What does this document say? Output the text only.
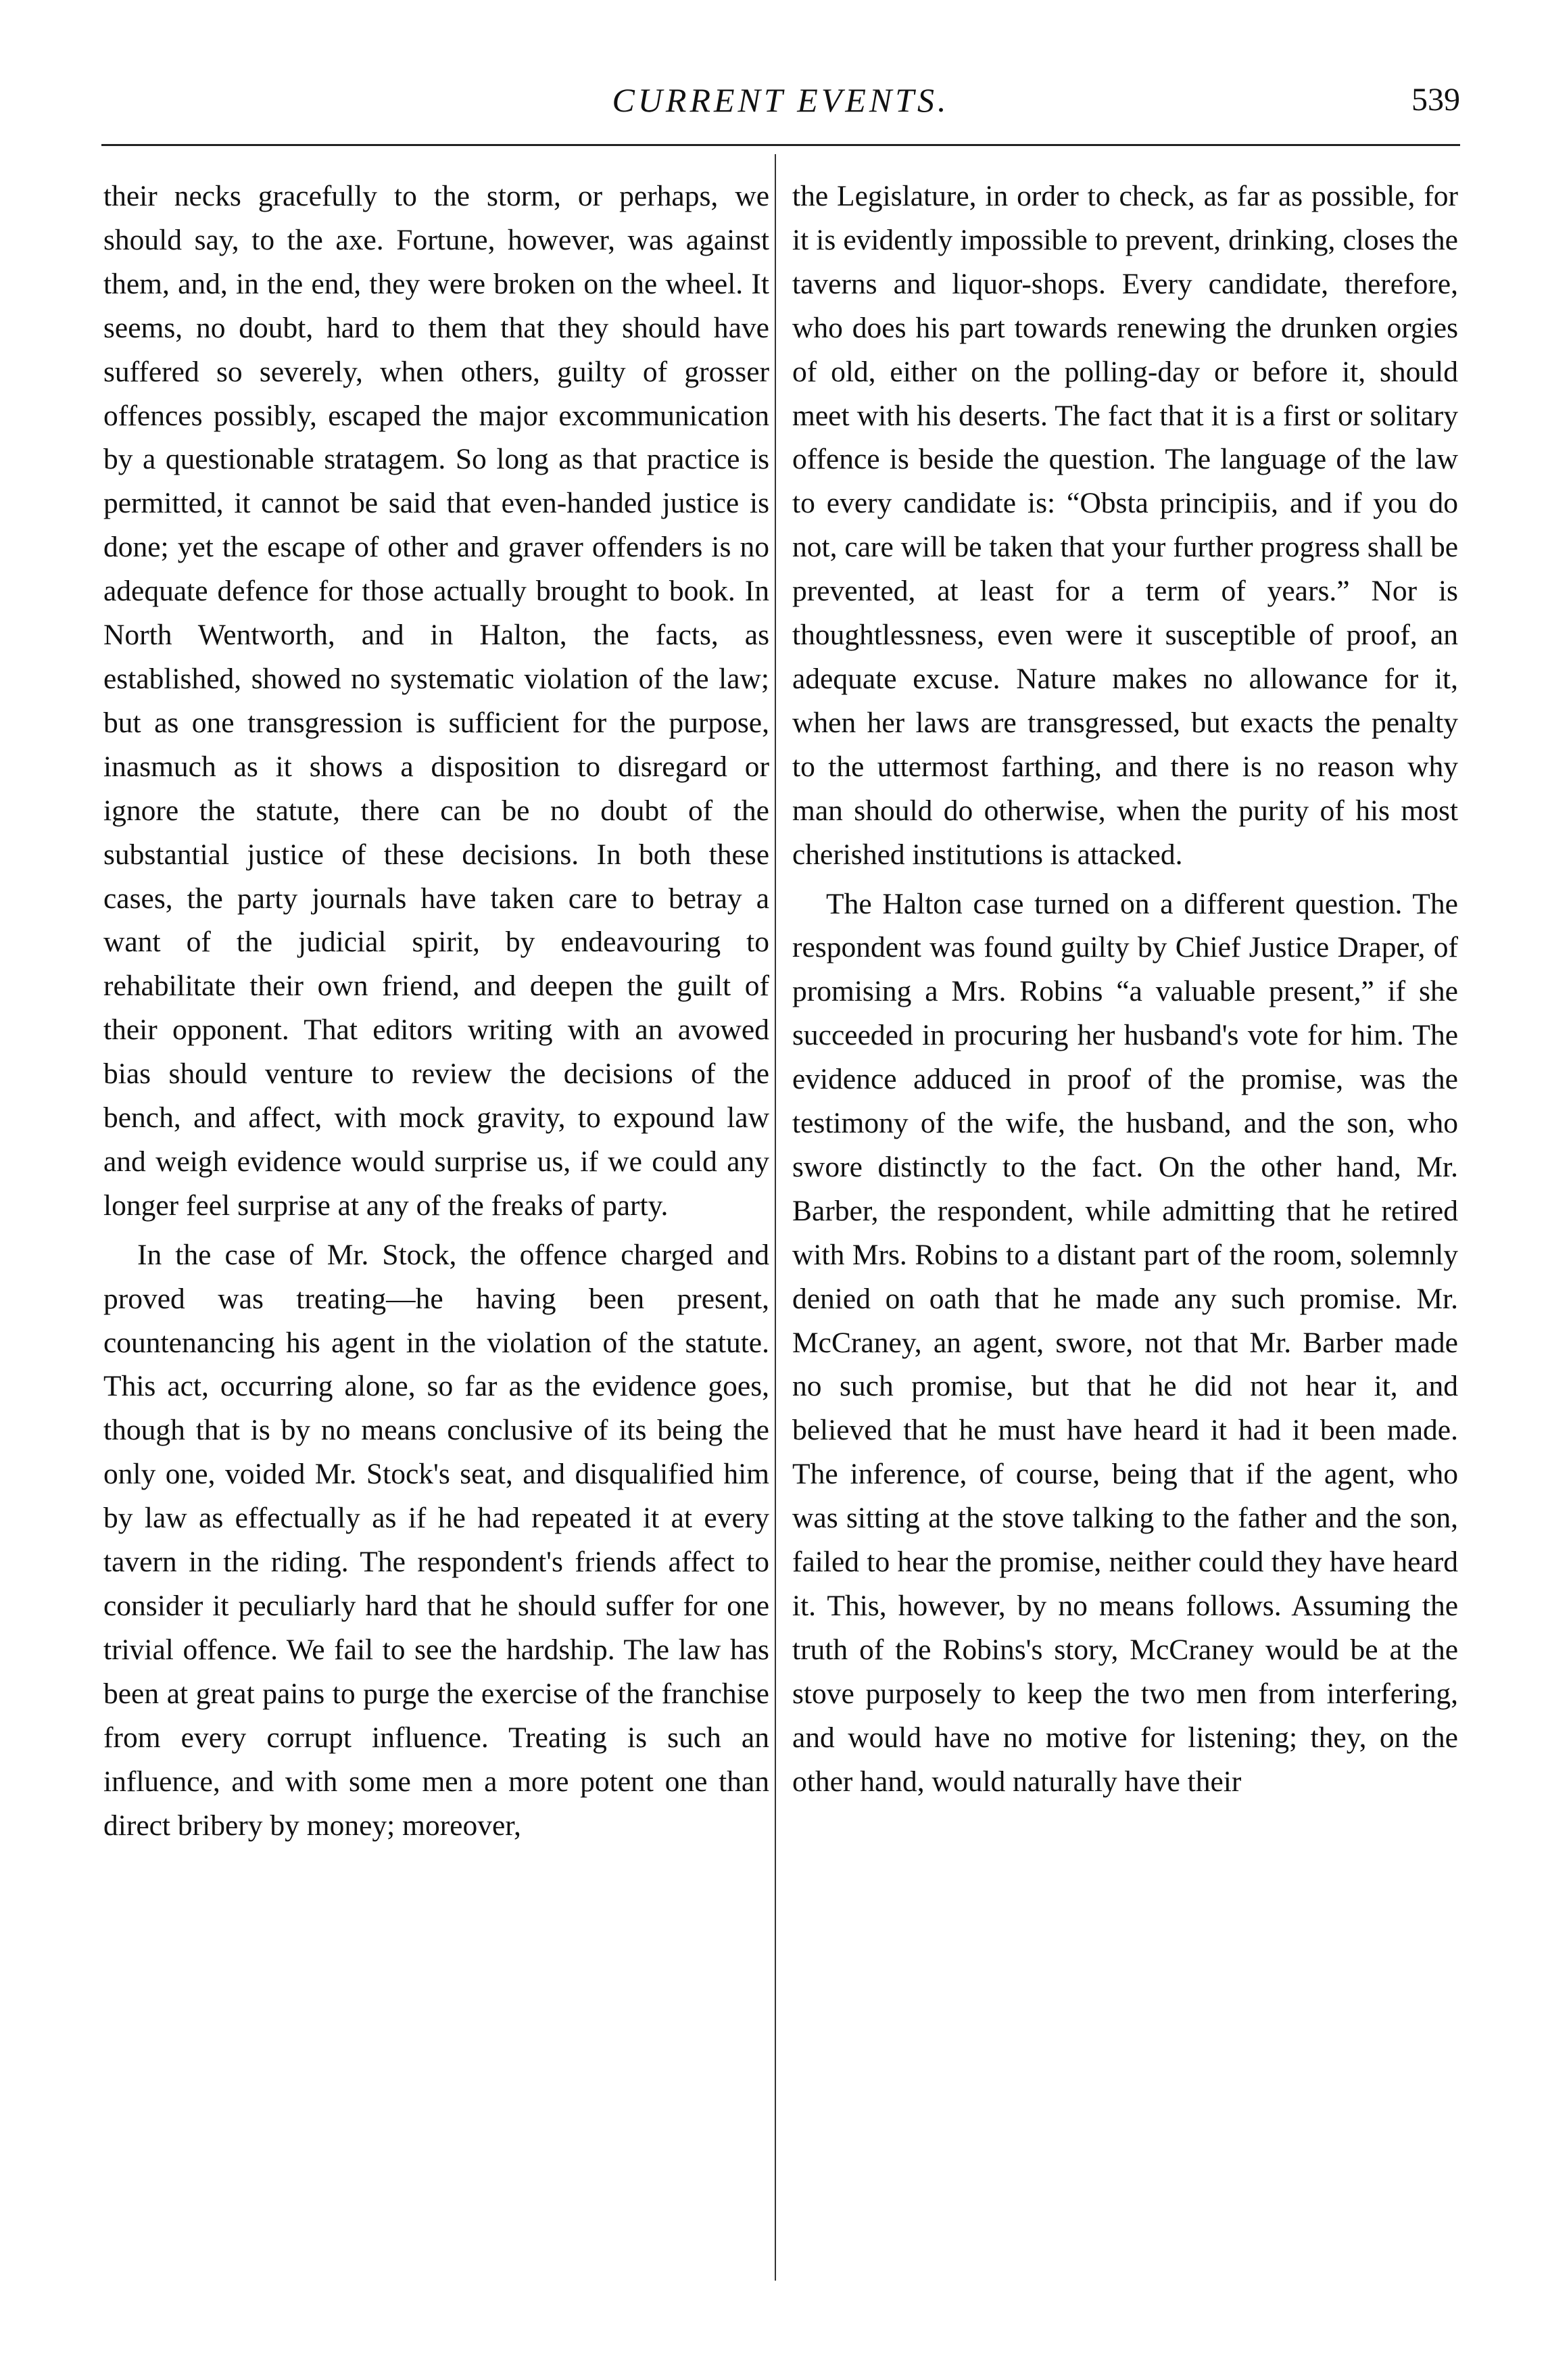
CURRENT EVENTS.	539

their necks gracefully to the storm, or perhaps, we should say, to the axe. Fortune, however, was against them, and, in the end, they were broken on the wheel. It seems, no doubt, hard to them that they should have suffered so severely, when others, guilty of grosser offences possibly, escaped the major excommunication by a questionable stratagem. So long as that practice is permitted, it cannot be said that even-handed justice is done; yet the escape of other and graver offenders is no adequate defence for those actually brought to book. In North Wentworth, and in Halton, the facts, as established, showed no systematic violation of the law; but as one transgression is sufficient for the purpose, inasmuch as it shows a disposition to disregard or ignore the statute, there can be no doubt of the substantial justice of these decisions. In both these cases, the party journals have taken care to betray a want of the judicial spirit, by endeavouring to rehabilitate their own friend, and deepen the guilt of their opponent. That editors writing with an avowed bias should venture to review the decisions of the bench, and affect, with mock gravity, to expound law and weigh evidence would surprise us, if we could any longer feel surprise at any of the freaks of party.

In the case of Mr. Stock, the offence charged and proved was treating—he having been present, countenancing his agent in the violation of the statute. This act, occurring alone, so far as the evidence goes, though that is by no means conclusive of its being the only one, voided Mr. Stock's seat, and disqualified him by law as effectually as if he had repeated it at every tavern in the riding. The respondent's friends affect to consider it peculiarly hard that he should suffer for one trivial offence. We fail to see the hardship. The law has been at great pains to purge the exercise of the franchise from every corrupt influence. Treating is such an influence, and with some men a more potent one than direct bribery by money; moreover,

the Legislature, in order to check, as far as possible, for it is evidently impossible to prevent, drinking, closes the taverns and liquor-shops. Every candidate, therefore, who does his part towards renewing the drunken orgies of old, either on the polling-day or before it, should meet with his deserts. The fact that it is a first or solitary offence is beside the question. The language of the law to every candidate is: “Obsta principiis, and if you do not, care will be taken that your further progress shall be prevented, at least for a term of years.” Nor is thoughtlessness, even were it susceptible of proof, an adequate excuse. Nature makes no allowance for it, when her laws are transgressed, but exacts the penalty to the uttermost farthing, and there is no reason why man should do otherwise, when the purity of his most cherished institutions is attacked.

The Halton case turned on a different question. The respondent was found guilty by Chief Justice Draper, of promising a Mrs. Robins “a valuable present,” if she succeeded in procuring her husband's vote for him. The evidence adduced in proof of the promise, was the testimony of the wife, the husband, and the son, who swore distinctly to the fact. On the other hand, Mr. Barber, the respondent, while admitting that he retired with Mrs. Robins to a distant part of the room, solemnly denied on oath that he made any such promise. Mr. McCraney, an agent, swore, not that Mr. Barber made no such promise, but that he did not hear it, and believed that he must have heard it had it been made. The inference, of course, being that if the agent, who was sitting at the stove talking to the father and the son, failed to hear the promise, neither could they have heard it. This, however, by no means follows. Assuming the truth of the Robins's story, McCraney would be at the stove purposely to keep the two men from interfering, and would have no motive for listening; they, on the other hand, would naturally have their
